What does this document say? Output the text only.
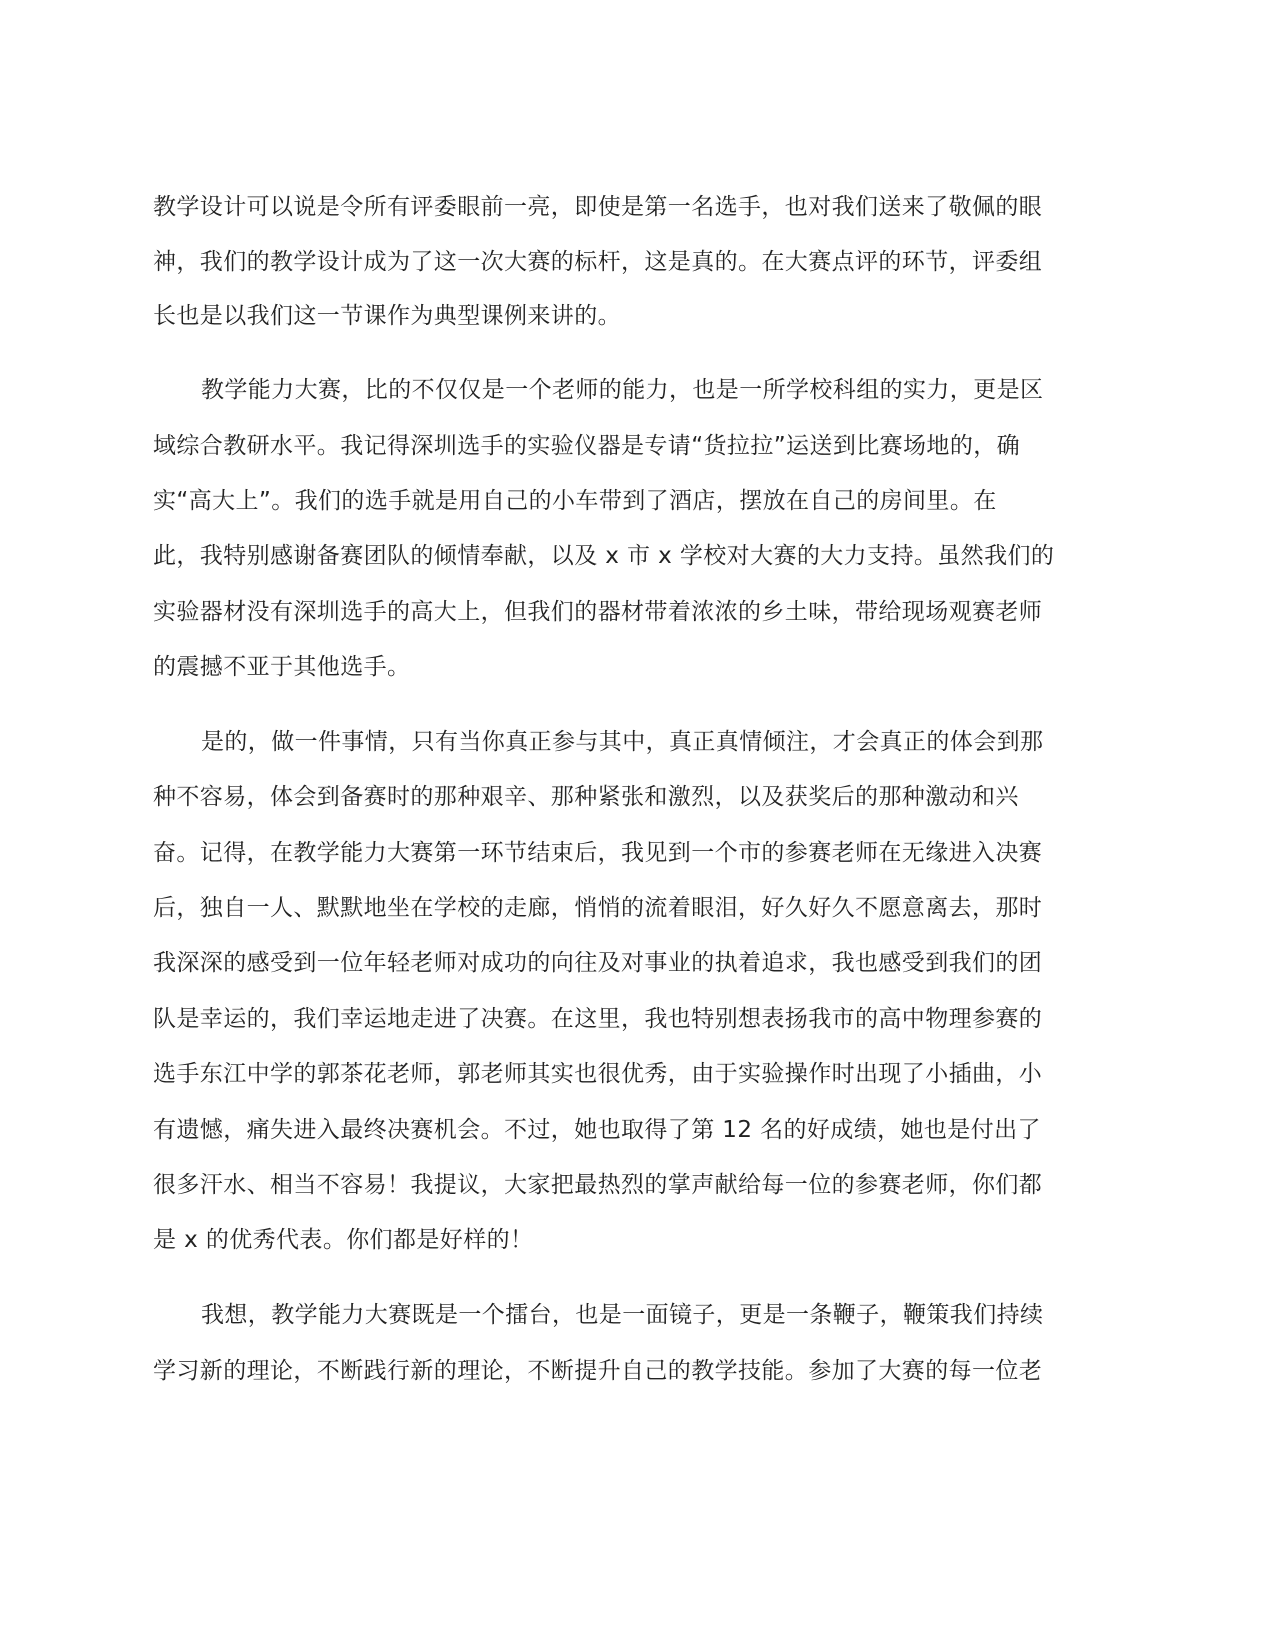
教学设计可以说是令所有评委眼前一亮，即使是第一名选手，也对我们送来了敬佩的眼
神，我们的教学设计成为了这一次大赛的标杆，这是真的。在大赛点评的环节，评委组
长也是以我们这一节课作为典型课例来讲的。
教学能力大赛，比的不仅仅是一个老师的能力，也是一所学校科组的实力，更是区
域综合教研水平。我记得深圳选手的实验仪器是专请“货拉拉”运送到比赛场地的，确
实“高大上”。我们的选手就是用自己的小车带到了酒店，摆放在自己的房间里。在
此，我特别感谢备赛团队的倾情奉献，以及 x 市 x 学校对大赛的大力支持。虽然我们的
实验器材没有深圳选手的高大上，但我们的器材带着浓浓的乡土味，带给现场观赛老师
的震撼不亚于其他选手。
是的，做一件事情，只有当你真正参与其中，真正真情倾注，才会真正的体会到那
种不容易，体会到备赛时的那种艰辛、那种紧张和激烈，以及获奖后的那种激动和兴
奋。记得，在教学能力大赛第一环节结束后，我见到一个市的参赛老师在无缘进入决赛
后，独自一人、默默地坐在学校的走廊，悄悄的流着眼泪，好久好久不愿意离去，那时
我深深的感受到一位年轻老师对成功的向往及对事业的执着追求，我也感受到我们的团
队是幸运的，我们幸运地走进了决赛。在这里，我也特别想表扬我市的高中物理参赛的
选手东江中学的郭茶花老师，郭老师其实也很优秀，由于实验操作时出现了小插曲，小
有遗憾，痛失进入最终决赛机会。不过，她也取得了第 12 名的好成绩，她也是付出了
很多汗水、相当不容易！我提议，大家把最热烈的掌声献给每一位的参赛老师，你们都
是 x 的优秀代表。你们都是好样的！
我想，教学能力大赛既是一个擂台，也是一面镜子，更是一条鞭子，鞭策我们持续
学习新的理论，不断践行新的理论，不断提升自己的教学技能。参加了大赛的每一位老
